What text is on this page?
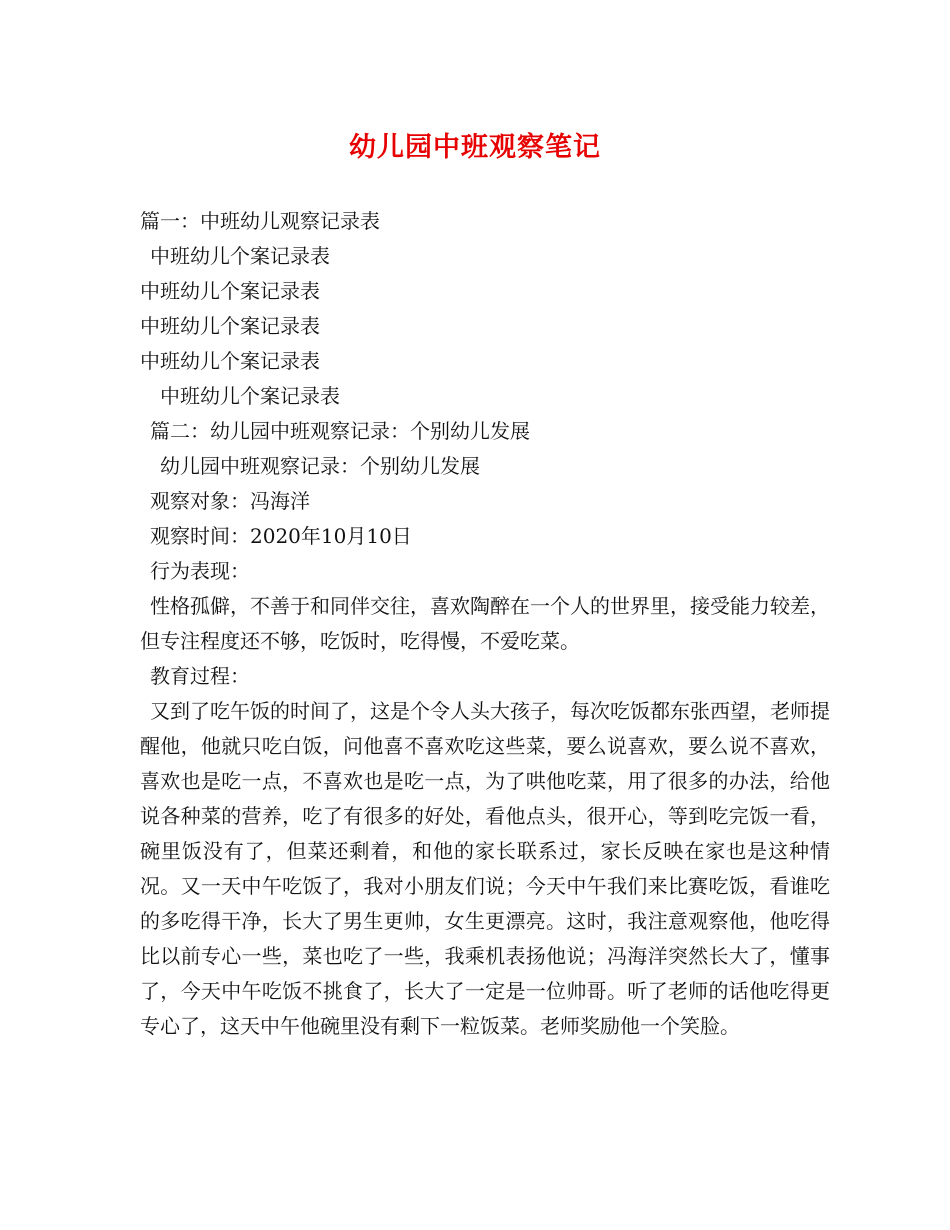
幼儿园中班观察笔记
篇一：中班幼儿观察记录表
中班幼儿个案记录表
中班幼儿个案记录表
中班幼儿个案记录表
中班幼儿个案记录表
中班幼儿个案记录表
篇二：幼儿园中班观察记录：个别幼儿发展
幼儿园中班观察记录：个别幼儿发展
观察对象：冯海洋
观察时间：2020年10月10日
行为表现：
性格孤僻，不善于和同伴交往，喜欢陶醉在一个人的世界里，接受能力较差，但专注程度还不够，吃饭时，吃得慢，不爱吃菜。
教育过程：
又到了吃午饭的时间了，这是个令人头大孩子，每次吃饭都东张西望，老师提醒他，他就只吃白饭，问他喜不喜欢吃这些菜，要么说喜欢，要么说不喜欢，喜欢也是吃一点，不喜欢也是吃一点，为了哄他吃菜，用了很多的办法，给他说各种菜的营养，吃了有很多的好处，看他点头，很开心，等到吃完饭一看，碗里饭没有了，但菜还剩着，和他的家长联系过，家长反映在家也是这种情况。又一天中午吃饭了，我对小朋友们说；今天中午我们来比赛吃饭，看谁吃的多吃得干净，长大了男生更帅，女生更漂亮。这时，我注意观察他，他吃得比以前专心一些，菜也吃了一些，我乘机表扬他说；冯海洋突然长大了，懂事了，今天中午吃饭不挑食了，长大了一定是一位帅哥。听了老师的话他吃得更专心了，这天中午他碗里没有剩下一粒饭菜。老师奖励他一个笑脸。
